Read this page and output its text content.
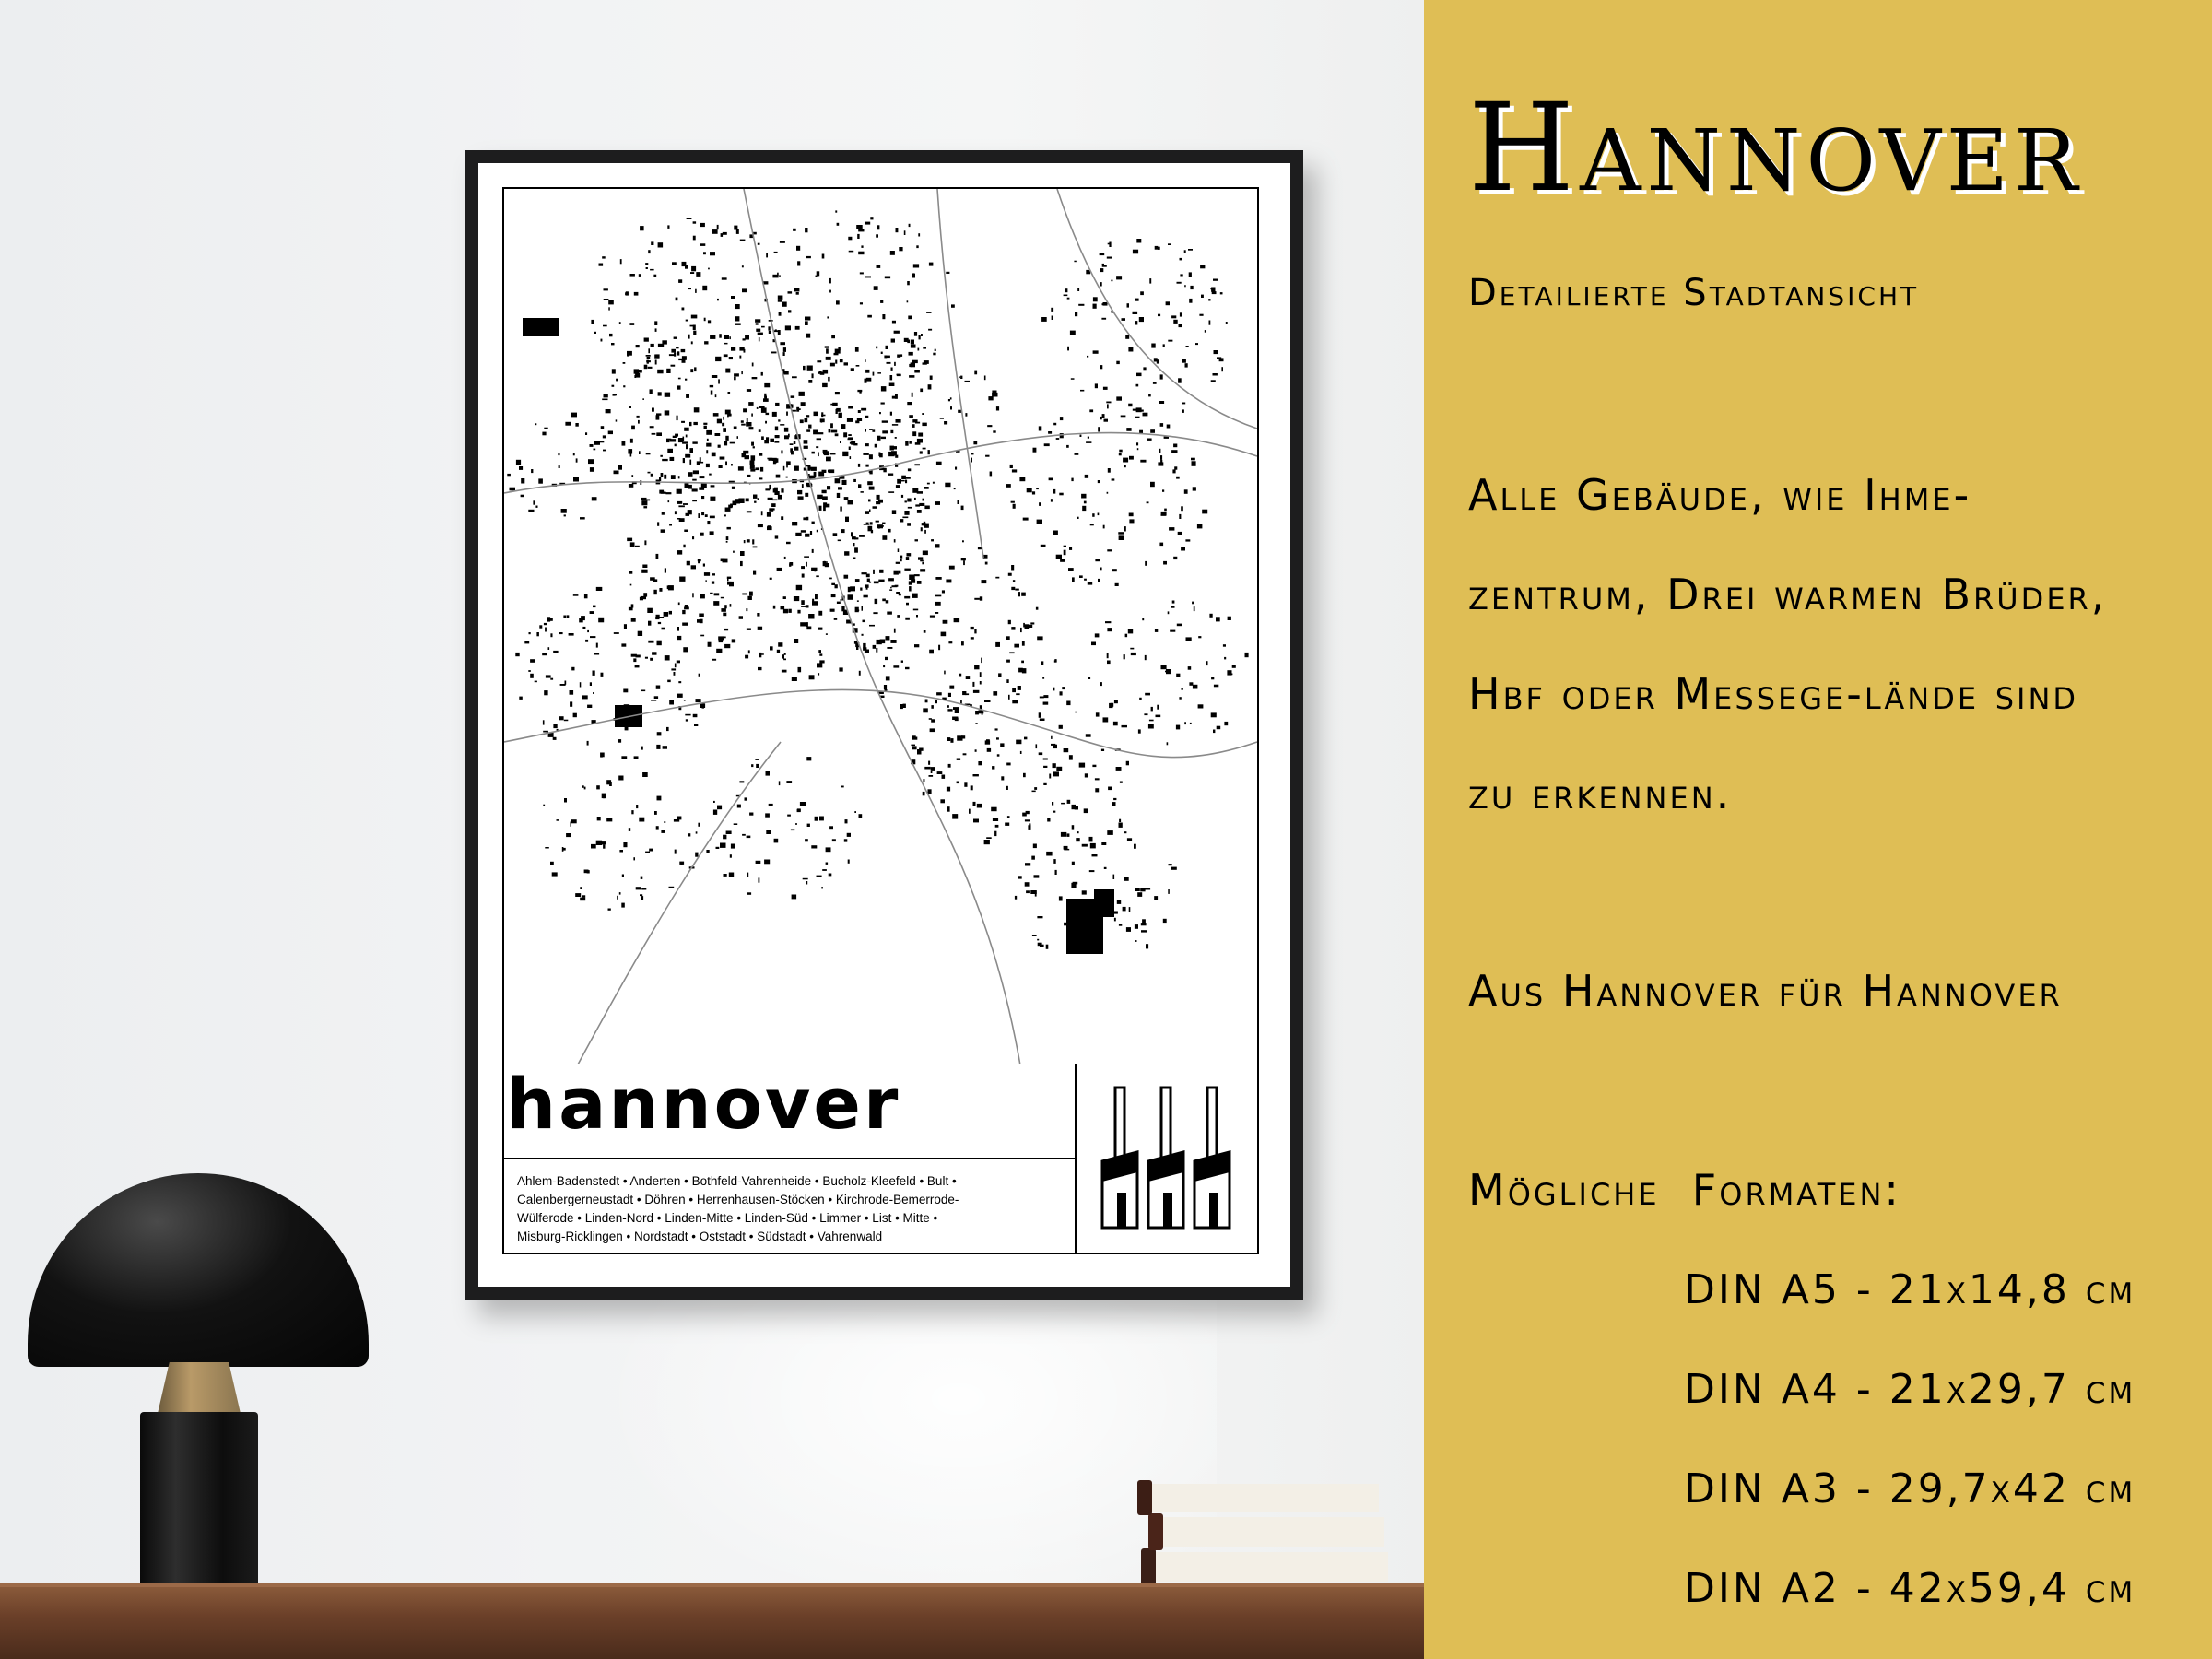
hannover
Ahlem-Badenstedt • Anderten • Bothfeld-Vahrenheide • Bucholz-Kleefeld • Bult •
Calenbergerneustadt • Döhren • Herrenhausen-Stöcken • Kirchrode-Bemerrode-
Wülferode • Linden-Nord • Linden-Mitte • Linden-Süd • Limmer • List • Mitte •
Misburg-Ricklingen • Nordstadt • Oststadt • Südstadt • Vahrenwald
Hannover
Detailierte Stadtansicht
Alle Gebäude, wie Ihme-
zentrum, Drei warmen Brüder,
Hbf oder Messege-lände sind
zu erkennen.
Aus Hannover für Hannover
Mögliche  Formaten:
DIN A5 - 21x14,8 cm
DIN A4 - 21x29,7 cm
DIN A3 - 29,7x42 cm
DIN A2 - 42x59,4 cm
